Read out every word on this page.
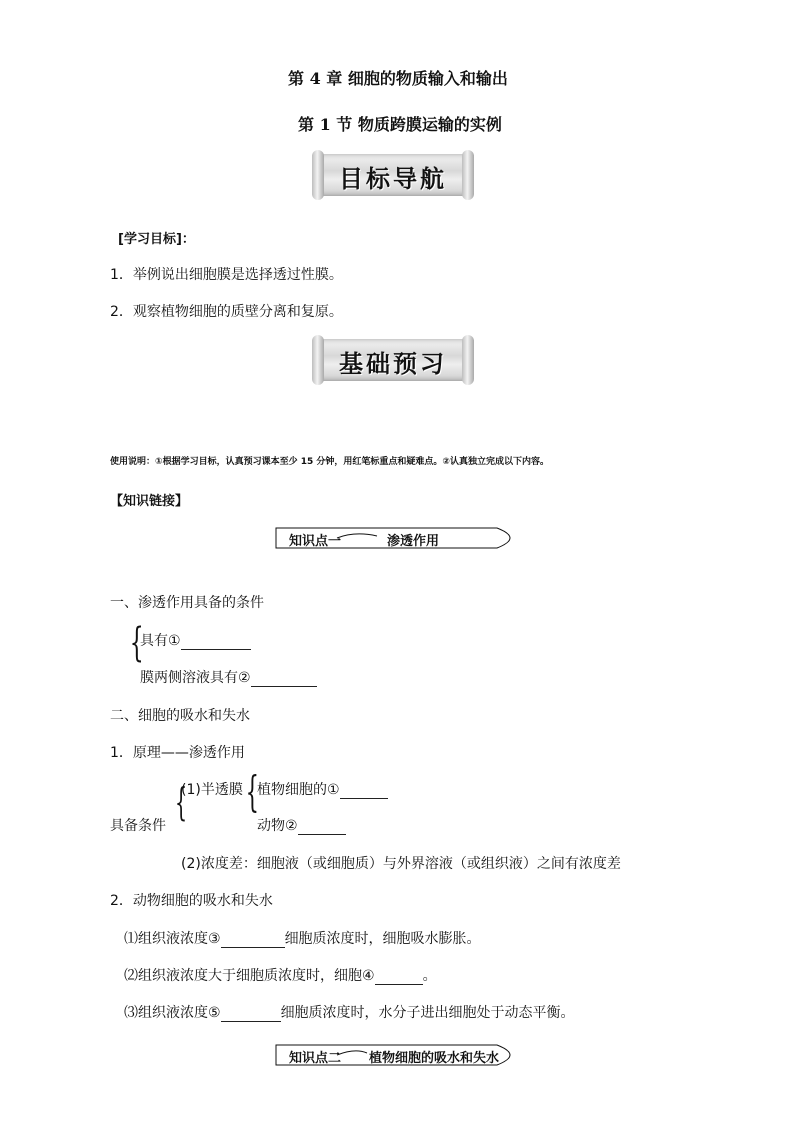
第 4 章 细胞的物质输入和输出
第 1 节 物质跨膜运输的实例
目标导航
[学习目标]：
1．举例说出细胞膜是选择透过性膜。
2．观察植物细胞的质壁分离和复原。
基础预习
使用说明：①根据学习目标，认真预习课本至少 15 分钟，用红笔标重点和疑难点。②认真独立完成以下内容。
【知识链接】
知识点一	渗透作用
一、渗透作用具备的条件
{
具有①
膜两侧溶液具有②
二、细胞的吸水和失水
1．原理——渗透作用
(1)半透膜
{ {
植物细胞的①
具备条件	动物②
(2)浓度差：细胞液（或细胞质）与外界溶液（或组织液）之间有浓度差
2．动物细胞的吸水和失水
⑴组织液浓度③	细胞质浓度时，细胞吸水膨胀。
⑵组织液浓度大于细胞质浓度时，细胞④	。
⑶组织液浓度⑤	细胞质浓度时，水分子进出细胞处于动态平衡。
知识点二 植物细胞的吸水和失水
